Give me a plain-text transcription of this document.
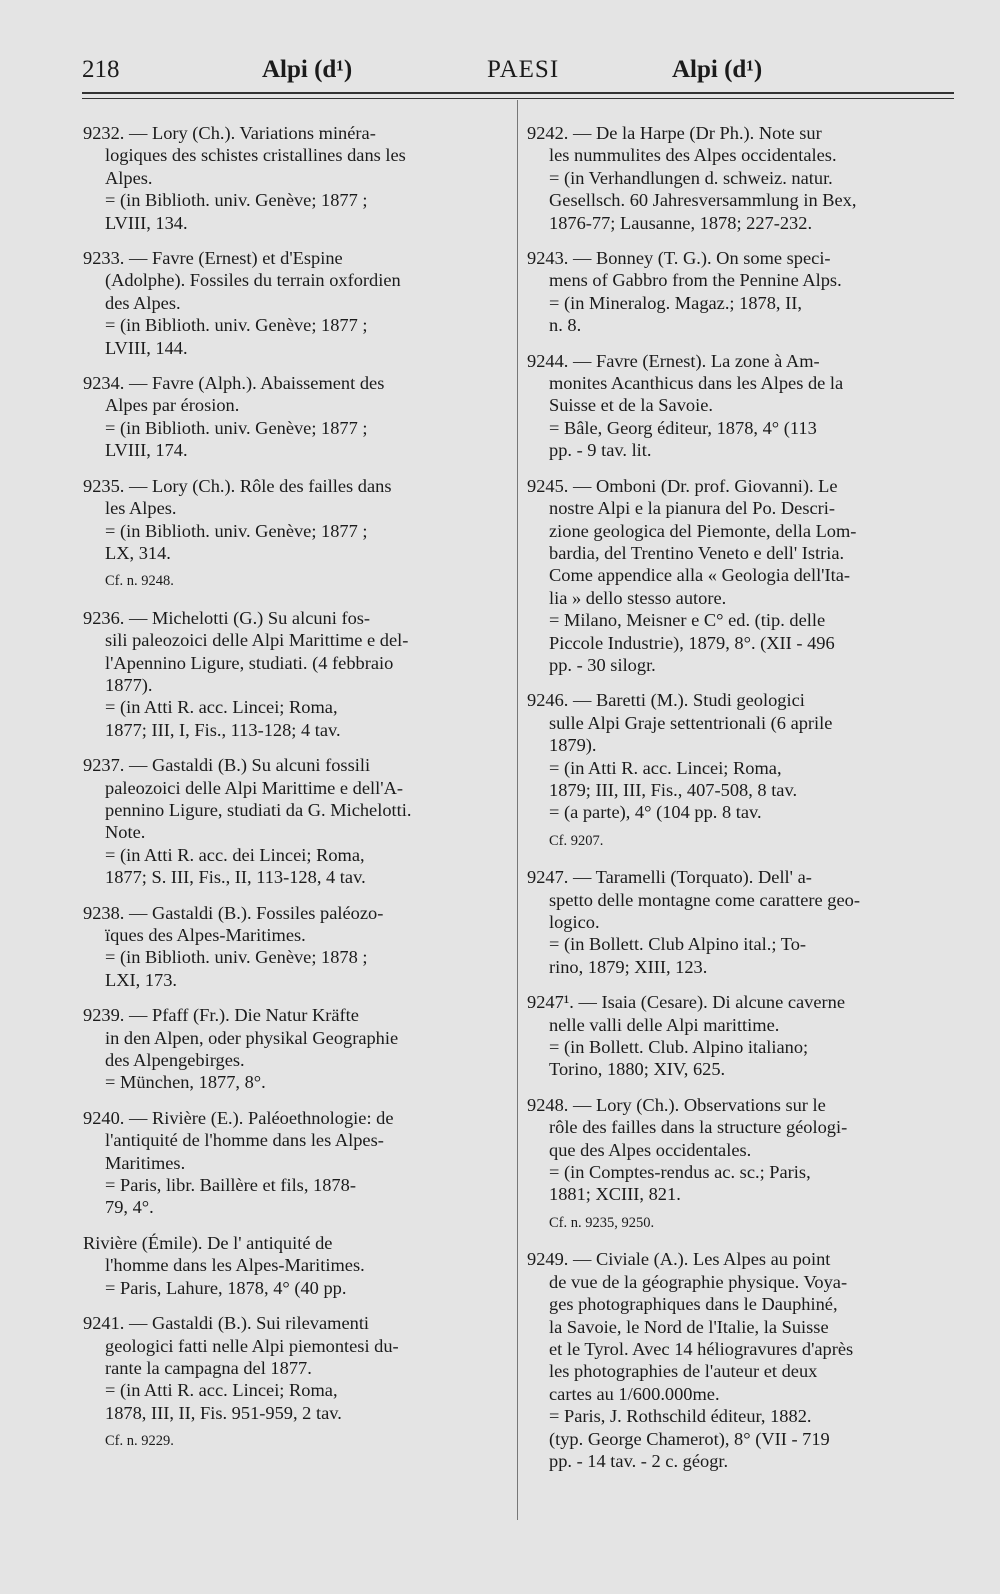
218	Alpi (d¹)	PAESI	Alpi (d¹)
9232. — Lory (Ch.). Variations minéra-
logiques des schistes cristallines dans les
Alpes.
= (in Biblioth. univ. Genève; 1877 ;
LVIII, 134.
9233. — Favre (Ernest) et d'Espine
(Adolphe). Fossiles du terrain oxfordien
des Alpes.
= (in Biblioth. univ. Genève; 1877 ;
LVIII, 144.
9234. — Favre (Alph.). Abaissement des
Alpes par érosion.
= (in Biblioth. univ. Genève; 1877 ;
LVIII, 174.
9235. — Lory (Ch.). Rôle des failles dans
les Alpes.
= (in Biblioth. univ. Genève; 1877 ;
LX, 314.
Cf. n. 9248.
9236. — Michelotti (G.) Su alcuni fos-
sili paleozoici delle Alpi Marittime e del-
l'Apennino Ligure, studiati. (4 febbraio
1877).
= (in Atti R. acc. Lincei; Roma,
1877; III, I, Fis., 113-128; 4 tav.
9237. — Gastaldi (B.) Su alcuni fossili
paleozoici delle Alpi Marittime e dell'A-
pennino Ligure, studiati da G. Michelotti.
Note.
= (in Atti R. acc. dei Lincei; Roma,
1877; S. III, Fis., II, 113-128, 4 tav.
9238. — Gastaldi (B.). Fossiles paléozo-
ïques des Alpes-Maritimes.
= (in Biblioth. univ. Genève; 1878 ;
LXI, 173.
9239. — Pfaff (Fr.). Die Natur Kräfte
in den Alpen, oder physikal Geographie
des Alpengebirges.
= München, 1877, 8°.
9240. — Rivière (E.). Paléoethnologie: de
l'antiquité de l'homme dans les Alpes-
Maritimes.
= Paris, libr. Baillère et fils, 1878-
79, 4°.
Rivière (Émile). De l' antiquité de
l'homme dans les Alpes-Maritimes.
= Paris, Lahure, 1878, 4° (40 pp.
9241. — Gastaldi (B.). Sui rilevamenti
geologici fatti nelle Alpi piemontesi du-
rante la campagna del 1877.
= (in Atti R. acc. Lincei; Roma,
1878, III, II, Fis. 951-959, 2 tav.
Cf. n. 9229.
9242. — De la Harpe (Dr Ph.). Note sur
les nummulites des Alpes occidentales.
= (in Verhandlungen d. schweiz. natur.
Gesellsch. 60 Jahresversammlung in Bex,
1876-77; Lausanne, 1878; 227-232.
9243. — Bonney (T. G.). On some speci-
mens of Gabbro from the Pennine Alps.
= (in Mineralog. Magaz.; 1878, II,
n. 8.
9244. — Favre (Ernest). La zone à Am-
monites Acanthicus dans les Alpes de la
Suisse et de la Savoie.
= Bâle, Georg éditeur, 1878, 4° (113
pp. - 9 tav. lit.
9245. — Omboni (Dr. prof. Giovanni). Le
nostre Alpi e la pianura del Po. Descri-
zione geologica del Piemonte, della Lom-
bardia, del Trentino Veneto e dell' Istria.
Come appendice alla « Geologia dell'Ita-
lia » dello stesso autore.
= Milano, Meisner e C° ed. (tip. delle
Piccole Industrie), 1879, 8°. (XII - 496
pp. - 30 silogr.
9246. — Baretti (M.). Studi geologici
sulle Alpi Graje settentrionali (6 aprile
1879).
= (in Atti R. acc. Lincei; Roma,
1879; III, III, Fis., 407-508, 8 tav.
= (a parte), 4° (104 pp. 8 tav.
Cf. 9207.
9247. — Taramelli (Torquato). Dell' a-
spetto delle montagne come carattere geo-
logico.
= (in Bollett. Club Alpino ital.; To-
rino, 1879; XIII, 123.
9247¹. — Isaia (Cesare). Di alcune caverne
nelle valli delle Alpi marittime.
= (in Bollett. Club. Alpino italiano;
Torino, 1880; XIV, 625.
9248. — Lory (Ch.). Observations sur le
rôle des failles dans la structure géologi-
que des Alpes occidentales.
= (in Comptes-rendus ac. sc.; Paris,
1881; XCIII, 821.
Cf. n. 9235, 9250.
9249. — Civiale (A.). Les Alpes au point
de vue de la géographie physique. Voya-
ges photographiques dans le Dauphiné,
la Savoie, le Nord de l'Italie, la Suisse
et le Tyrol. Avec 14 héliogravures d'après
les photographies de l'auteur et deux
cartes au 1/600.000me.
= Paris, J. Rothschild éditeur, 1882.
(typ. George Chamerot), 8° (VII - 719
pp. - 14 tav. - 2 c. géogr.
